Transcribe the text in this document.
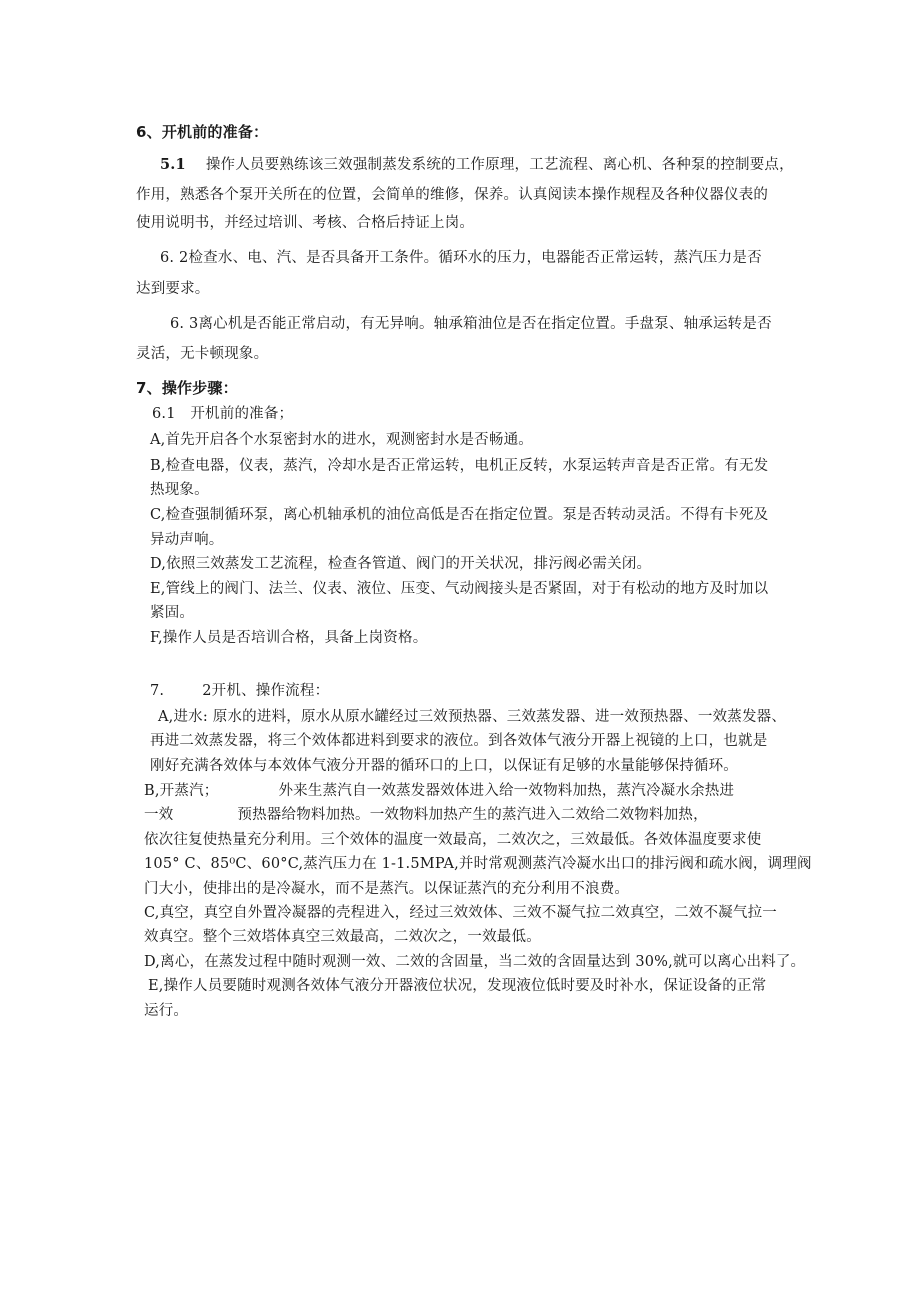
6、开机前的准备：
5.1 操作人员要熟练该三效强制蒸发系统的工作原理，工艺流程、离心机、各种泵的控制要点，
作用，熟悉各个泵开关所在的位置，会简单的维修，保养。认真阅读本操作规程及各种仪器仪表的
使用说明书，并经过培训、考核、合格后持证上岗。
6. 2检查水、电、汽、是否具备开工条件。循环水的压力，电器能否正常运转，蒸汽压力是否
达到要求。
6. 3离心机是否能正常启动，有无异响。轴承箱油位是否在指定位置。手盘泵、轴承运转是否
灵活，无卡顿现象。
7、操作步骤：
6.1　开机前的准备；
A,首先开启各个水泵密封水的进水，观测密封水是否畅通。
B,检查电器，仪表，蒸汽，冷却水是否正常运转，电机正反转，水泵运转声音是否正常。有无发
热现象。
C,检查强制循环泵，离心机轴承机的油位高低是否在指定位置。泵是否转动灵活。不得有卡死及
异动声响。
D,依照三效蒸发工艺流程，检查各管道、阀门的开关状况，排污阀必需关闭。
E,管线上的阀门、法兰、仪表、液位、压变、气动阀接头是否紧固，对于有松动的地方及时加以
紧固。
F,操作人员是否培训合格，具备上岗资格。
7.	2开机、操作流程：
A,进水: 原水的进料，原水从原水罐经过三效预热器、三效蒸发器、进一效预热器、一效蒸发器、
再进二效蒸发器，将三个效体都进料到要求的液位。到各效体气液分开器上视镜的上口，也就是
刚好充满各效体与本效体气液分开器的循环口的上口，以保证有足够的水量能够保持循环。
B,开蒸汽；	外来生蒸汽自一效蒸发器效体进入给一效物料加热，蒸汽冷凝水余热进
一效	预热器给物料加热。一效物料加热产生的蒸汽进入二效给二效物料加热，
依次往复使热量充分利用。三个效体的温度一效最高，二效次之，三效最低。各效体温度要求使
105° C、85⁰C、60°C,蒸汽压力在 1-1.5MPA,并时常观测蒸汽冷凝水出口的排污阀和疏水阀，调理阀
门大小，使排出的是冷凝水，而不是蒸汽。以保证蒸汽的充分利用不浪费。
C,真空，真空自外置冷凝器的壳程进入，经过三效效体、三效不凝气拉二效真空，二效不凝气拉一
效真空。整个三效塔体真空三效最高，二效次之，一效最低。
D,离心，在蒸发过程中随时观测一效、二效的含固量，当二效的含固量达到 30%,就可以离心出料了。
E,操作人员要随时观测各效体气液分开器液位状况，发现液位低时要及时补水，保证设备的正常
运行。
